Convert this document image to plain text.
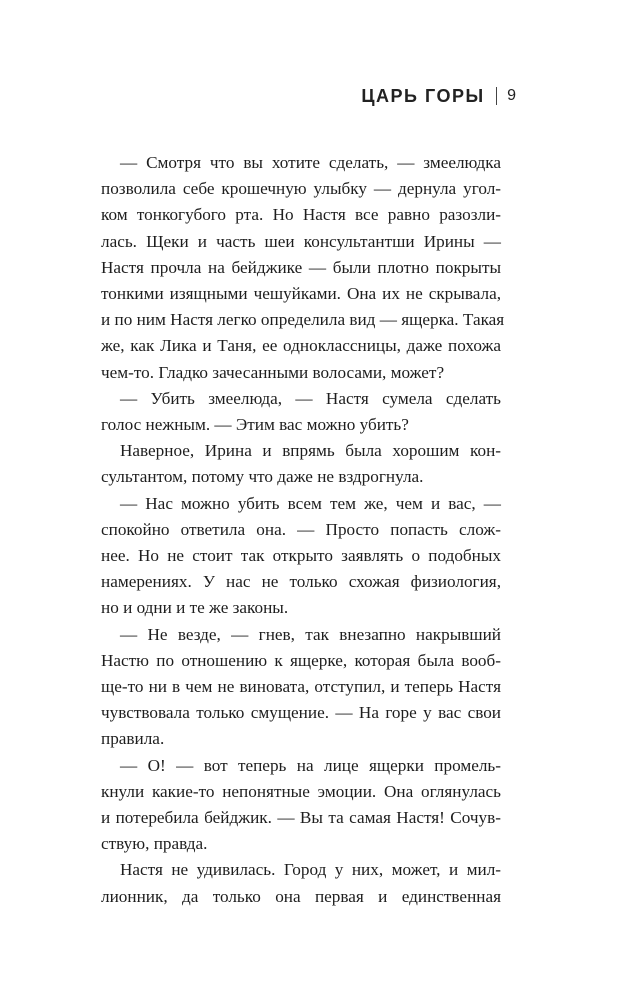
ЦАРЬ ГОРЫ 9

— Смотря что вы хотите сделать, — змеелюдка
позволила себе крошечную улыбку — дернула угол-
ком тонкогубого рта. Но Настя все равно разозли-
лась. Щеки и часть шеи консультантши Ирины —
Настя прочла на бейджике — были плотно покрыты
тонкими изящными чешуйками. Она их не скрывала,
и по ним Настя легко определила вид — ящерка. Такая
же, как Лика и Таня, ее одноклассницы, даже похожа
чем-то. Гладко зачесанными волосами, может?

— Убить змеелюда, — Настя сумела сделать
голос нежным. — Этим вас можно убить?

Наверное, Ирина и впрямь была хорошим кон-
сультантом, потому что даже не вздрогнула.

— Нас можно убить всем тем же, чем и вас, —
спокойно ответила она. — Просто попасть слож-
нее. Но не стоит так открыто заявлять о подобных
намерениях. У нас не только схожая физиология,
но и одни и те же законы.

— Не везде, — гнев, так внезапно накрывший
Настю по отношению к ящерке, которая была вооб-
ще-то ни в чем не виновата, отступил, и теперь Настя
чувствовала только смущение. — На горе у вас свои
правила.

— О! — вот теперь на лице ящерки промель-
кнули какие-то непонятные эмоции. Она оглянулась
и потеребила бейджик. — Вы та самая Настя! Сочув-
ствую, правда.

Настя не удивилась. Город у них, может, и мил-
лионник, да только она первая и единственная
